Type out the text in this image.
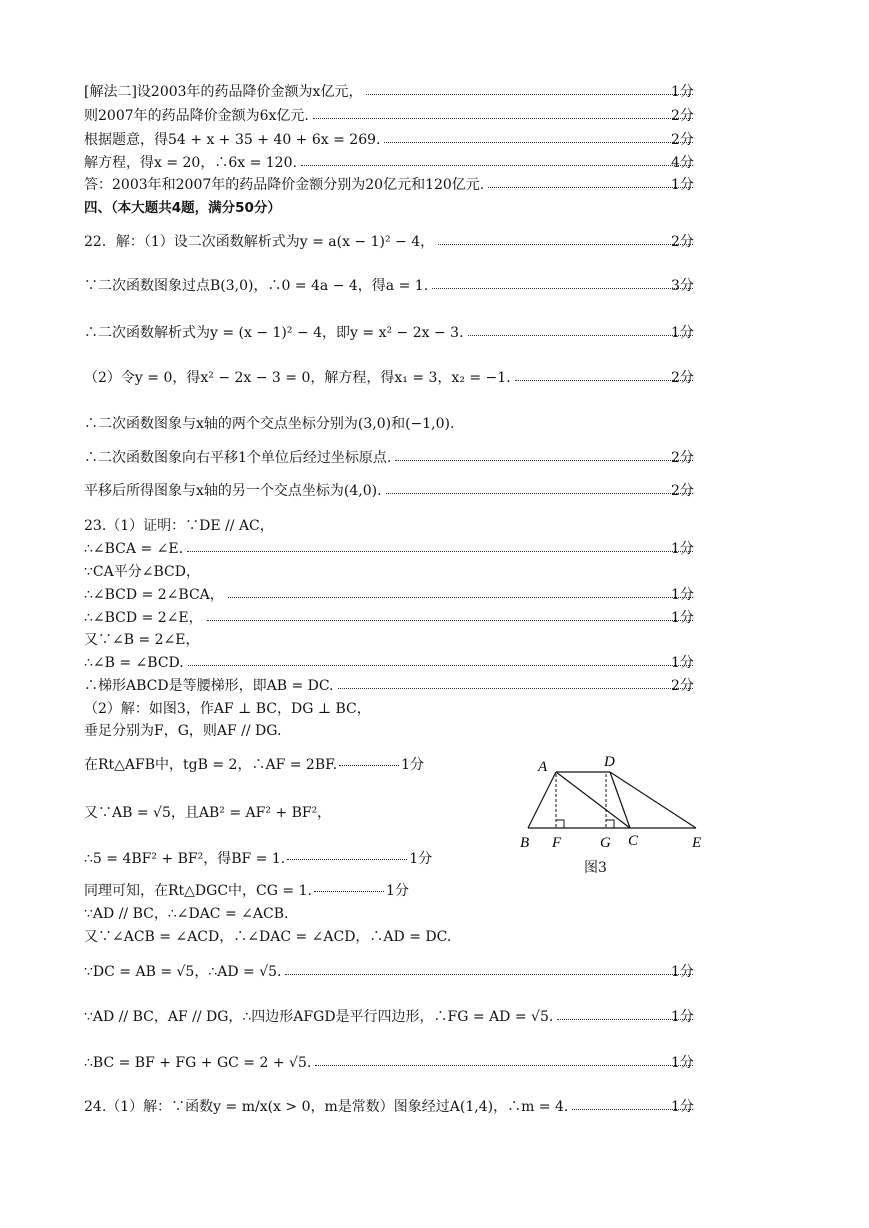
[解法二]设2003年的药品降价金额为x亿元，	1分
则2007年的药品降价金额为6x亿元.	2分
根据题意，得54 + x + 35 + 40 + 6x = 269.	2分
解方程，得x = 20，∴6x = 120.	4分
答：2003年和2007年的药品降价金额分别为20亿元和120亿元.	1分
四、（本大题共4题，满分50分）
22．解：（1）设二次函数解析式为y = a(x − 1)² − 4，	2分
∵二次函数图象过点B(3,0)，∴0 = 4a − 4，得a = 1.	3分
∴二次函数解析式为y = (x − 1)² − 4，即y = x² − 2x − 3.	1分
（2）令y = 0，得x² − 2x − 3 = 0，解方程，得x₁ = 3，x₂ = −1.	2分
∴二次函数图象与x轴的两个交点坐标分别为(3,0)和(−1,0).
∴二次函数图象向右平移1个单位后经过坐标原点.	2分
平移后所得图象与x轴的另一个交点坐标为(4,0).	2分
23.（1）证明：∵DE // AC，
∴∠BCA = ∠E.	1分
∵CA平分∠BCD，
∴∠BCD = 2∠BCA，	1分
∴∠BCD = 2∠E，	1分
又∵∠B = 2∠E，
∴∠B = ∠BCD.	1分
∴梯形ABCD是等腰梯形，即AB = DC.	2分
（2）解：如图3，作AF ⊥ BC，DG ⊥ BC，
垂足分别为F，G，则AF // DG.
在Rt△AFB中，tgB = 2，∴AF = 2BF.	1分
又∵AB = √5，且AB² = AF² + BF²，
∴5 = 4BF² + BF²，得BF = 1.	1分
同理可知，在Rt△DGC中，CG = 1.	1分
∵AD // BC，∴∠DAC = ∠ACB.
又∵∠ACB = ∠ACD，∴∠DAC = ∠ACD，∴AD = DC.
A	D
B F	G C	E
图3
∵DC = AB = √5，∴AD = √5.	1分
∵AD // BC，AF // DG，∴四边形AFGD是平行四边形，∴FG = AD = √5.	1分
∴BC = BF + FG + GC = 2 + √5.	1分
24.（1）解：∵函数y = m/x(x > 0，m是常数）图象经过A(1,4)，∴m = 4.	1分
